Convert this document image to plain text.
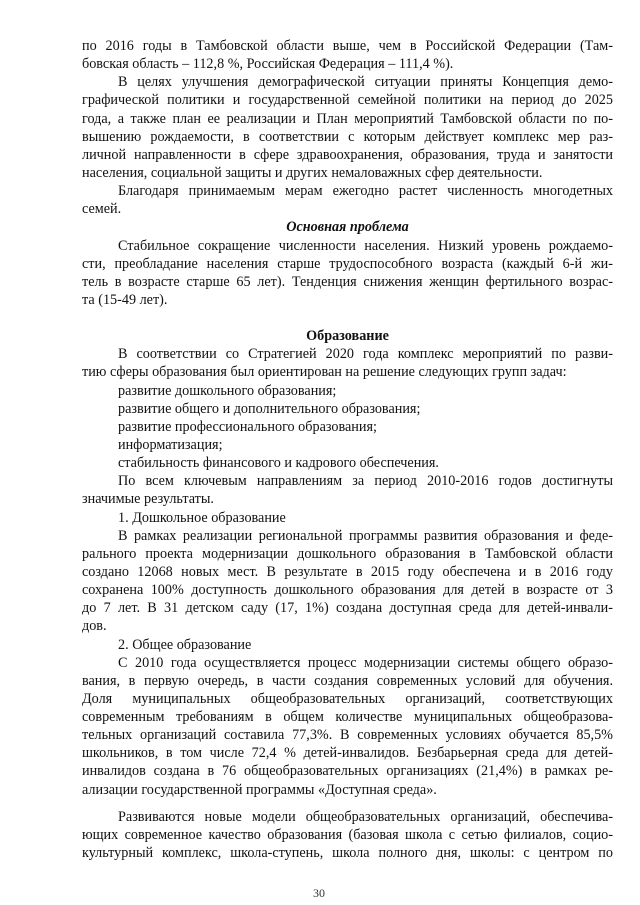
по 2016 годы в Тамбовской области выше, чем в Российской Федерации (Там-
бовская область – 112,8 %, Российская Федерация – 111,4 %).
В целях улучшения демографической ситуации приняты Концепция демо-
графической политики и государственной семейной политики на период до 2025
года, а также план ее реализации и План мероприятий Тамбовской области по по-
вышению рождаемости, в соответствии с которым действует комплекс мер раз-
личной направленности в сфере здравоохранения, образования, труда и занятости
населения, социальной защиты и других немаловажных сфер деятельности.
Благодаря принимаемым мерам ежегодно растет численность многодетных
семей.
Основная проблема
Стабильное сокращение численности населения. Низкий уровень рождаемо-
сти, преобладание населения старше трудоспособного возраста (каждый 6-й жи-
тель в возрасте старше 65 лет). Тенденция снижения женщин фертильного возрас-
та (15-49 лет).
Образование
В соответствии со Стратегией 2020 года комплекс мероприятий по разви-
тию сферы образования был ориентирован на решение следующих групп задач:
развитие дошкольного образования;
развитие общего и дополнительного образования;
развитие профессионального образования;
информатизация;
стабильность финансового и кадрового обеспечения.
По всем ключевым направлениям за период 2010-2016 годов достигнуты
значимые результаты.
1. Дошкольное образование
В рамках реализации региональной программы развития образования и феде-
рального проекта модернизации дошкольного образования в Тамбовской области
создано 12068 новых мест. В результате в 2015 году обеспечена и в 2016 году
сохранена 100% доступность дошкольного образования для детей в возрасте от 3
до 7 лет. В 31 детском саду (17, 1%) создана доступная среда для детей-инвали-
дов.
2. Общее образование
С 2010 года осуществляется процесс модернизации системы общего образо-
вания, в первую очередь, в части создания современных условий для обучения.
Доля муниципальных общеобразовательных организаций, соответствующих
современным требованиям в общем количестве муниципальных общеобразова-
тельных организаций составила 77,3%. В современных условиях обучается 85,5%
школьников, в том числе 72,4 % детей-инвалидов. Безбарьерная среда для детей-
инвалидов создана в 76 общеобразовательных организациях (21,4%) в рамках ре-
ализации государственной программы «Доступная среда».
Развиваются новые модели общеобразовательных организаций, обеспечива-
ющих современное качество образования (базовая школа с сетью филиалов, социо-
культурный комплекс, школа-ступень, школа полного дня, школы: с центром по
30
